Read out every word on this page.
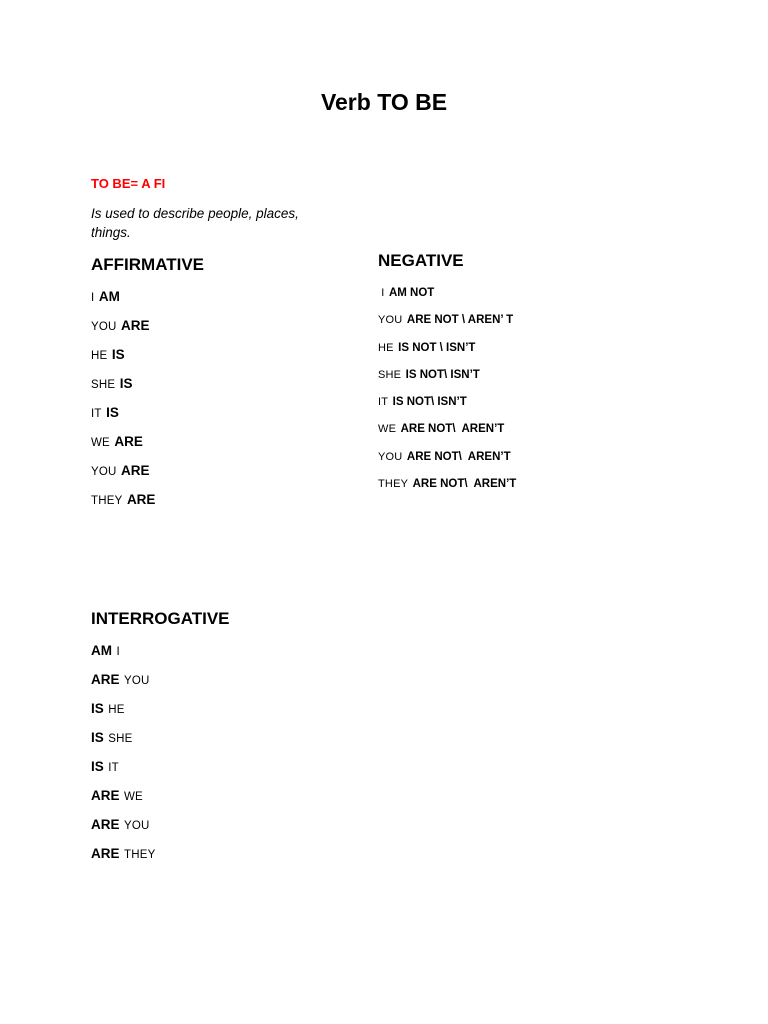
Verb TO BE
TO BE= A FI
Is used to describe people, places, things.
AFFIRMATIVE
I AM
YOU ARE
HE IS
SHE IS
IT IS
WE ARE
YOU ARE
THEY ARE
NEGATIVE
I AM NOT
YOU ARE NOT \ AREN’ T
HE IS NOT \ ISN’T
SHE IS NOT\ ISN’T
IT IS NOT\ ISN’T
WE ARE NOT\  AREN’T
YOU ARE NOT\  AREN’T
THEY ARE NOT\  AREN’T
INTERROGATIVE
AM I
ARE YOU
IS HE
IS SHE
IS IT
ARE WE
ARE YOU
ARE THEY
